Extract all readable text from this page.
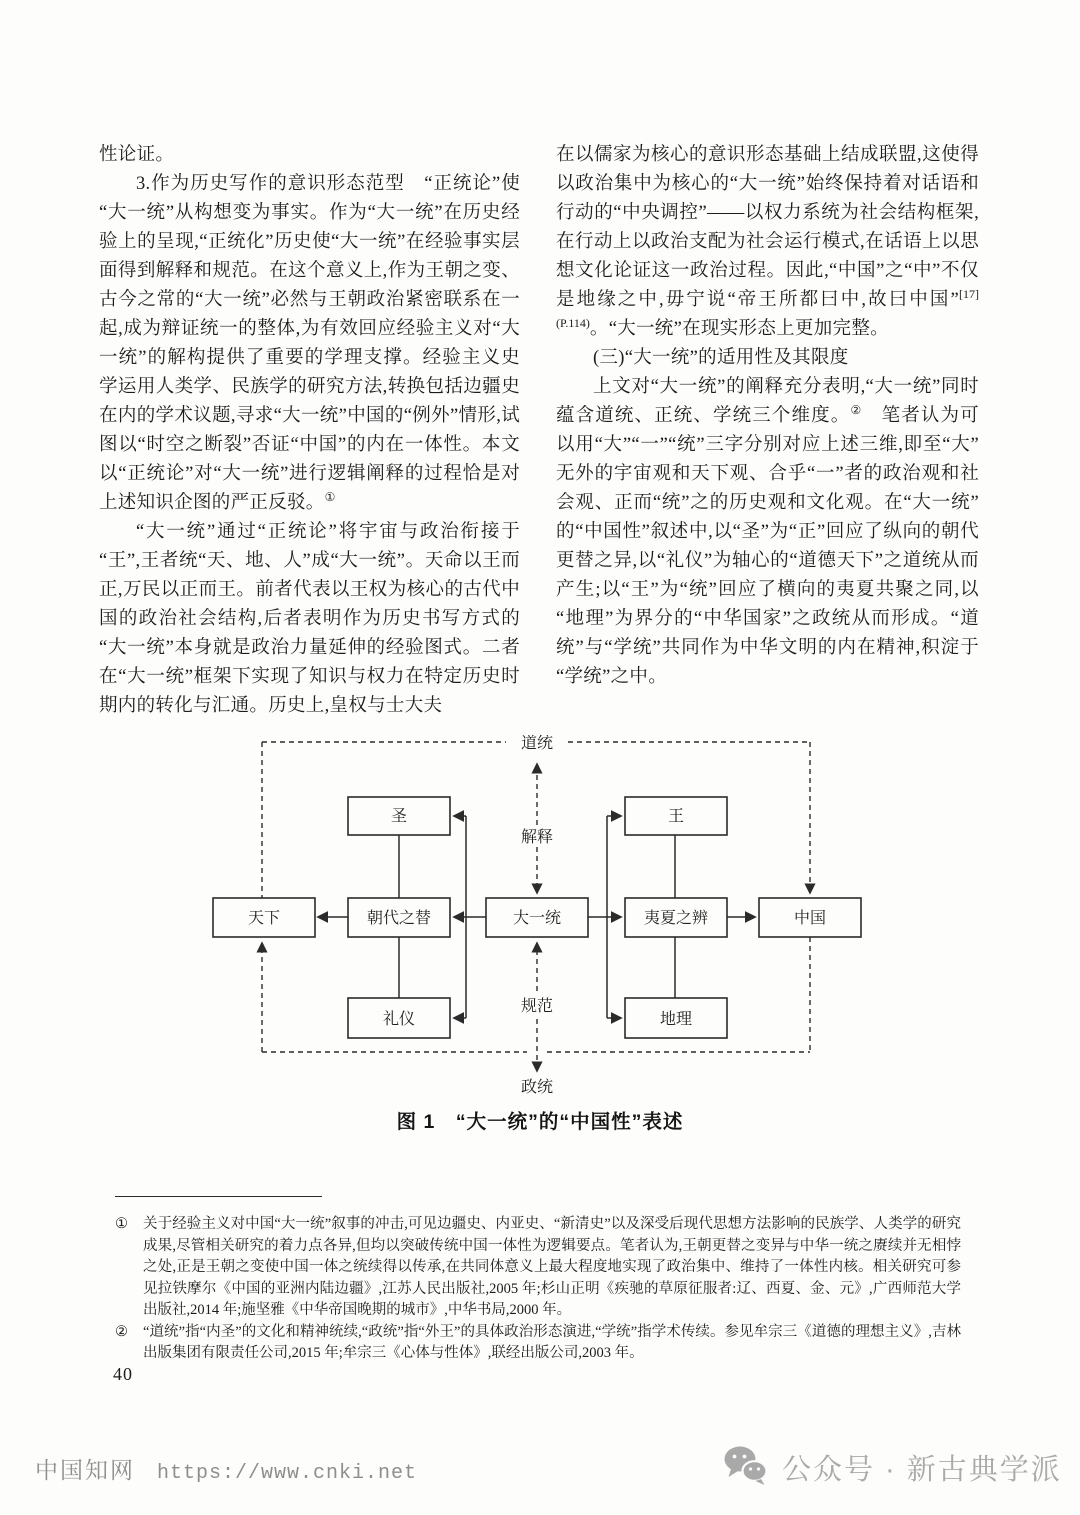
性论证。

3.作为历史写作的意识形态范型　“正统论”使“大一统”从构想变为事实。作为“大一统”在历史经验上的呈现,“正统化”历史使“大一统”在经验事实层面得到解释和规范。在这个意义上,作为王朝之变、古今之常的“大一统”必然与王朝政治紧密联系在一起,成为辩证统一的整体,为有效回应经验主义对“大一统”的解构提供了重要的学理支撑。经验主义史学运用人类学、民族学的研究方法,转换包括边疆史在内的学术议题,寻求“大一统”中国的“例外”情形,试图以“时空之断裂”否证“中国”的内在一体性。本文以“正统论”对“大一统”进行逻辑阐释的过程恰是对上述知识企图的严正反驳。①

“大一统”通过“正统论”将宇宙与政治衔接于“王”,王者统“天、地、人”成“大一统”。天命以王而正,万民以正而王。前者代表以王权为核心的古代中国的政治社会结构,后者表明作为历史书写方式的“大一统”本身就是政治力量延伸的经验图式。二者在“大一统”框架下实现了知识与权力在特定历史时期内的转化与汇通。历史上,皇权与士大夫

在以儒家为核心的意识形态基础上结成联盟,这使得以政治集中为核心的“大一统”始终保持着对话语和行动的“中央调控”——以权力系统为社会结构框架,在行动上以政治支配为社会运行模式,在话语上以思想文化论证这一政治过程。因此,“中国”之“中”不仅是地缘之中,毋宁说“帝王所都曰中,故曰中国”$^{[17](P.114)}$。“大一统”在现实形态上更加完整。

(三)“大一统”的适用性及其限度

上文对“大一统”的阐释充分表明,“大一统”同时蕴含道统、正统、学统三个维度。②　笔者认为可以用“大”“一”“统”三字分别对应上述三维,即至“大”无外的宇宙观和天下观、合乎“一”者的政治观和社会观、正而“统”之的历史观和文化观。在“大一统”的“中国性”叙述中,以“圣”为“正”回应了纵向的朝代更替之异,以“礼仪”为轴心的“道德天下”之道统从而产生;以“王”为“统”回应了横向的夷夏共聚之同,以“地理”为界分的“中华国家”之政统从而形成。“道统”与“学统”共同作为中华文明的内在精神,积淀于“学统”之中。

圣	王
天下	朝代之替	大一统	夷夏之辨	中国
礼仪	地理
道统
解释
规范
政统
图 1　“大一统”的“中国性”表述
① 关于经验主义对中国“大一统”叙事的冲击,可见边疆史、内亚史、“新清史”以及深受后现代思想方法影响的民族学、人类学的研究成果,尽管相关研究的着力点各异,但均以突破传统中国一体性为逻辑要点。笔者认为,王朝更替之变异与中华一统之赓续并无相悖之处,正是王朝之变使中国一体之统续得以传承,在共同体意义上最大程度地实现了政治集中、维持了一体性内核。相关研究可参见拉铁摩尔《中国的亚洲内陆边疆》,江苏人民出版社,2005 年;杉山正明《疾驰的草原征服者:辽、西夏、金、元》,广西师范大学出版社,2014 年;施坚雅《中华帝国晚期的城市》,中华书局,2000 年。
② “道统”指“内圣”的文化和精神统续,“政统”指“外王”的具体政治形态演进,“学统”指学术传续。参见牟宗三《道德的理想主义》,吉林出版集团有限责任公司,2015 年;牟宗三《心体与性体》,联经出版公司,2003 年。
40
中国知网 https://www.cnki.net	公众号 · 新古典学派
